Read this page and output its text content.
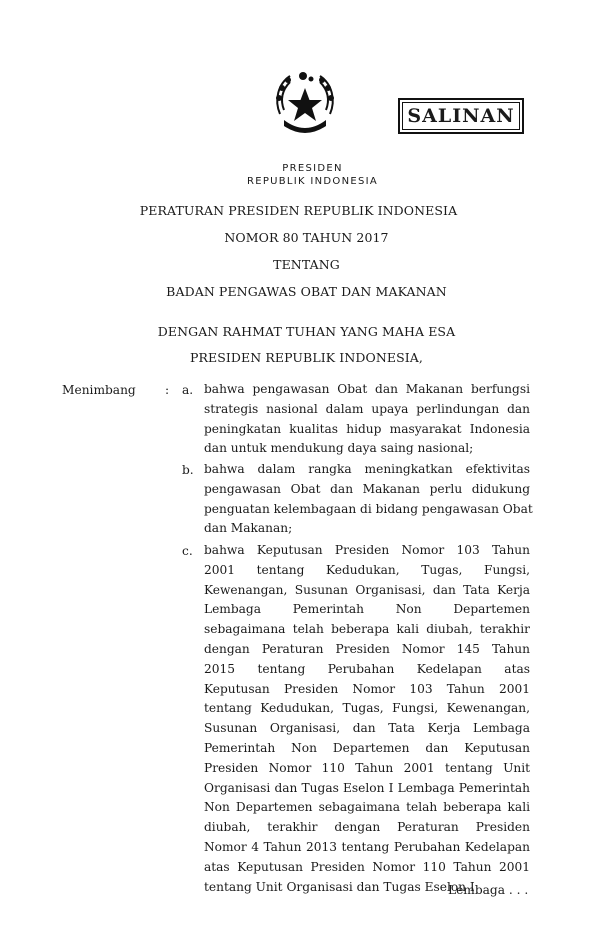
SALINAN
PRESIDEN
REPUBLIK INDONESIA
PERATURAN PRESIDEN REPUBLIK INDONESIA
NOMOR 80 TAHUN 2017
TENTANG
BADAN PENGAWAS OBAT DAN MAKANAN
DENGAN RAHMAT TUHAN YANG MAHA ESA
PRESIDEN REPUBLIK INDONESIA,
Menimbang : a. bahwa pengawasan Obat dan Makanan berfungsi
strategis nasional dalam upaya perlindungan dan
peningkatan kualitas hidup masyarakat Indonesia
dan untuk mendukung daya saing nasional;
b. bahwa dalam rangka meningkatkan efektivitas
pengawasan Obat dan Makanan perlu didukung
penguatan kelembagaan di bidang pengawasan Obat
dan Makanan;
c. bahwa Keputusan Presiden Nomor 103 Tahun
2001 tentang Kedudukan, Tugas, Fungsi,
Kewenangan, Susunan Organisasi, dan Tata Kerja
Lembaga Pemerintah Non Departemen
sebagaimana telah beberapa kali diubah, terakhir
dengan Peraturan Presiden Nomor 145 Tahun
2015 tentang Perubahan Kedelapan atas
Keputusan Presiden Nomor 103 Tahun 2001
tentang Kedudukan, Tugas, Fungsi, Kewenangan,
Susunan Organisasi, dan Tata Kerja Lembaga
Pemerintah Non Departemen dan Keputusan
Presiden Nomor 110 Tahun 2001 tentang Unit
Organisasi dan Tugas Eselon I Lembaga Pemerintah
Non Departemen sebagaimana telah beberapa kali
diubah, terakhir dengan Peraturan Presiden
Nomor 4 Tahun 2013 tentang Perubahan Kedelapan
atas Keputusan Presiden Nomor 110 Tahun 2001
tentang Unit Organisasi dan Tugas Eselon I
Lembaga . . .
